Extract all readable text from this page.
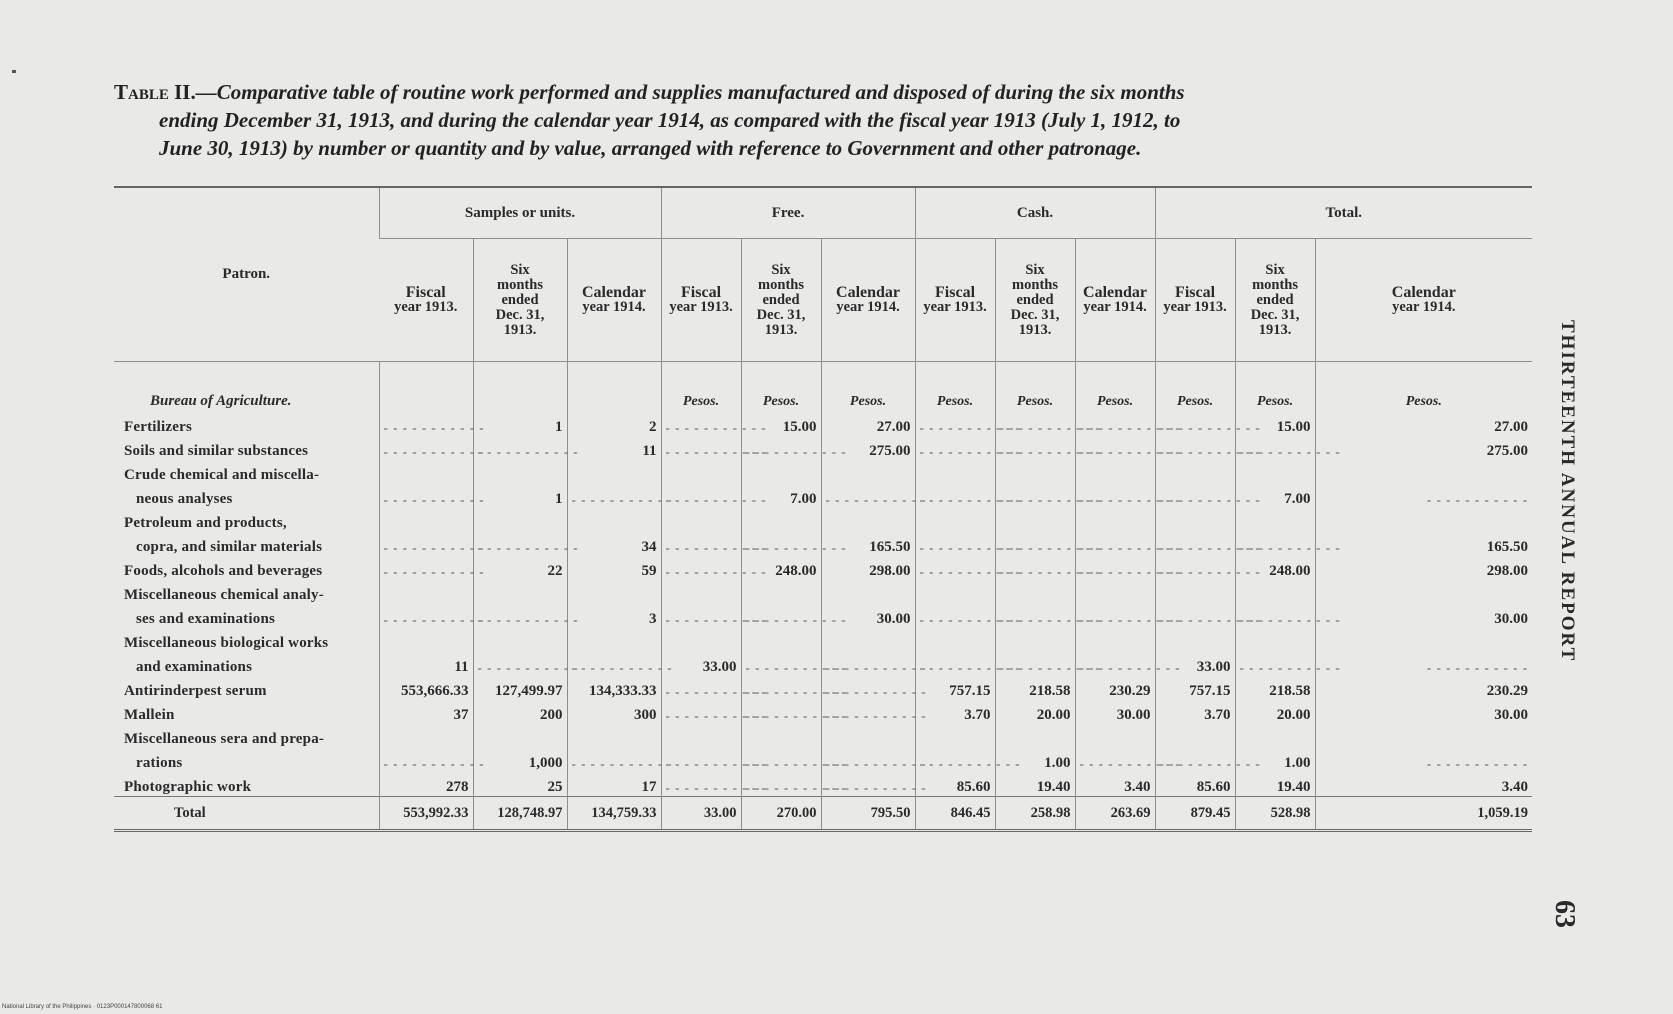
Table II.—Comparative table of routine work performed and supplies manufactured and disposed of during the six months
ending December 31, 1913, and during the calendar year 1914, as compared with the fiscal year 1913 (July 1, 1912, to
June 30, 1913) by number or quantity and by value, arranged with reference to Government and other patronage.
Patron.	Samples or units.			Free.			Cash.			Total.		

	Fiscal
year 1913.	Six
months
ended
Dec. 31,
1913.	Calendar
year 1914.	Fiscal
year 1913.	Six
months
ended
Dec. 31,
1913.	Calendar
year 1914.	Fiscal
year 1913.	Six
months
ended
Dec. 31,
1913.	Calendar
year 1914.	Fiscal
year 1913.	Six
months
ended
Dec. 31,
1913.	Calendar
year 1914.

Bureau of Agriculture.				Pesos.	Pesos.	Pesos.	Pesos.	Pesos.	Pesos.	Pesos.	Pesos.	Pesos.
Fertilizers	- - - - - - - - - - -	1	2	- - - - - - - - - - -	15.00	27.00	- - - - - - - - - - -	- - - - - - - - - - -	- - - - - - - - - - -	- - - - - - - - - - -	15.00	27.00
Soils and similar substances	- - - - - - - - - - -	- - - - - - - - - - -	11	- - - - - - - - - - -	- - - - - - - - - - -	275.00	- - - - - - - - - - -	- - - - - - - - - - -	- - - - - - - - - - -	- - - - - - - - - - -	- - - - - - - - - - -	275.00
Crude chemical and miscella-												
neous analyses	- - - - - - - - - - -	1	- - - - - - - - - - -	- - - - - - - - - - -	7.00	- - - - - - - - - - -	- - - - - - - - - - -	- - - - - - - - - - -	- - - - - - - - - - -	- - - - - - - - - - -	7.00	- - - - - - - - - - -
Petroleum and products,												
copra, and similar materials	- - - - - - - - - - -	- - - - - - - - - - -	34	- - - - - - - - - - -	- - - - - - - - - - -	165.50	- - - - - - - - - - -	- - - - - - - - - - -	- - - - - - - - - - -	- - - - - - - - - - -	- - - - - - - - - - -	165.50
Foods, alcohols and beverages	- - - - - - - - - - -	22	59	- - - - - - - - - - -	248.00	298.00	- - - - - - - - - - -	- - - - - - - - - - -	- - - - - - - - - - -	- - - - - - - - - - -	248.00	298.00
Miscellaneous chemical analy-												
ses and examinations	- - - - - - - - - - -	- - - - - - - - - - -	3	- - - - - - - - - - -	- - - - - - - - - - -	30.00	- - - - - - - - - - -	- - - - - - - - - - -	- - - - - - - - - - -	- - - - - - - - - - -	- - - - - - - - - - -	30.00
Miscellaneous biological works												
and examinations	11	- - - - - - - - - - -	- - - - - - - - - - -	33.00	- - - - - - - - - - -	- - - - - - - - - - -	- - - - - - - - - - -	- - - - - - - - - - -	- - - - - - - - - - -	33.00	- - - - - - - - - - -	- - - - - - - - - - -
Antirinderpest serum	553,666.33	127,499.97	134,333.33	- - - - - - - - - - -	- - - - - - - - - - -	- - - - - - - - - - -	757.15	218.58	230.29	757.15	218.58	230.29
Mallein	37	200	300	- - - - - - - - - - -	- - - - - - - - - - -	- - - - - - - - - - -	3.70	20.00	30.00	3.70	20.00	30.00
Miscellaneous sera and prepa-												
rations	- - - - - - - - - - -	1,000	- - - - - - - - - - -	- - - - - - - - - - -	- - - - - - - - - - -	- - - - - - - - - - -	- - - - - - - - - - -	1.00	- - - - - - - - - - -	- - - - - - - - - - -	1.00	- - - - - - - - - - -
Photographic work	278	25	17	- - - - - - - - - - -	- - - - - - - - - - -	- - - - - - - - - - -	85.60	19.40	3.40	85.60	19.40	3.40
Total	553,992.33	128,748.97	134,759.33	33.00	270.00	795.50	846.45	258.98	263.69	879.45	528.98	1,059.19
THIRTEENTH ANNUAL REPORT
63
National Library of the Philippines · 0123P000147800068 61
